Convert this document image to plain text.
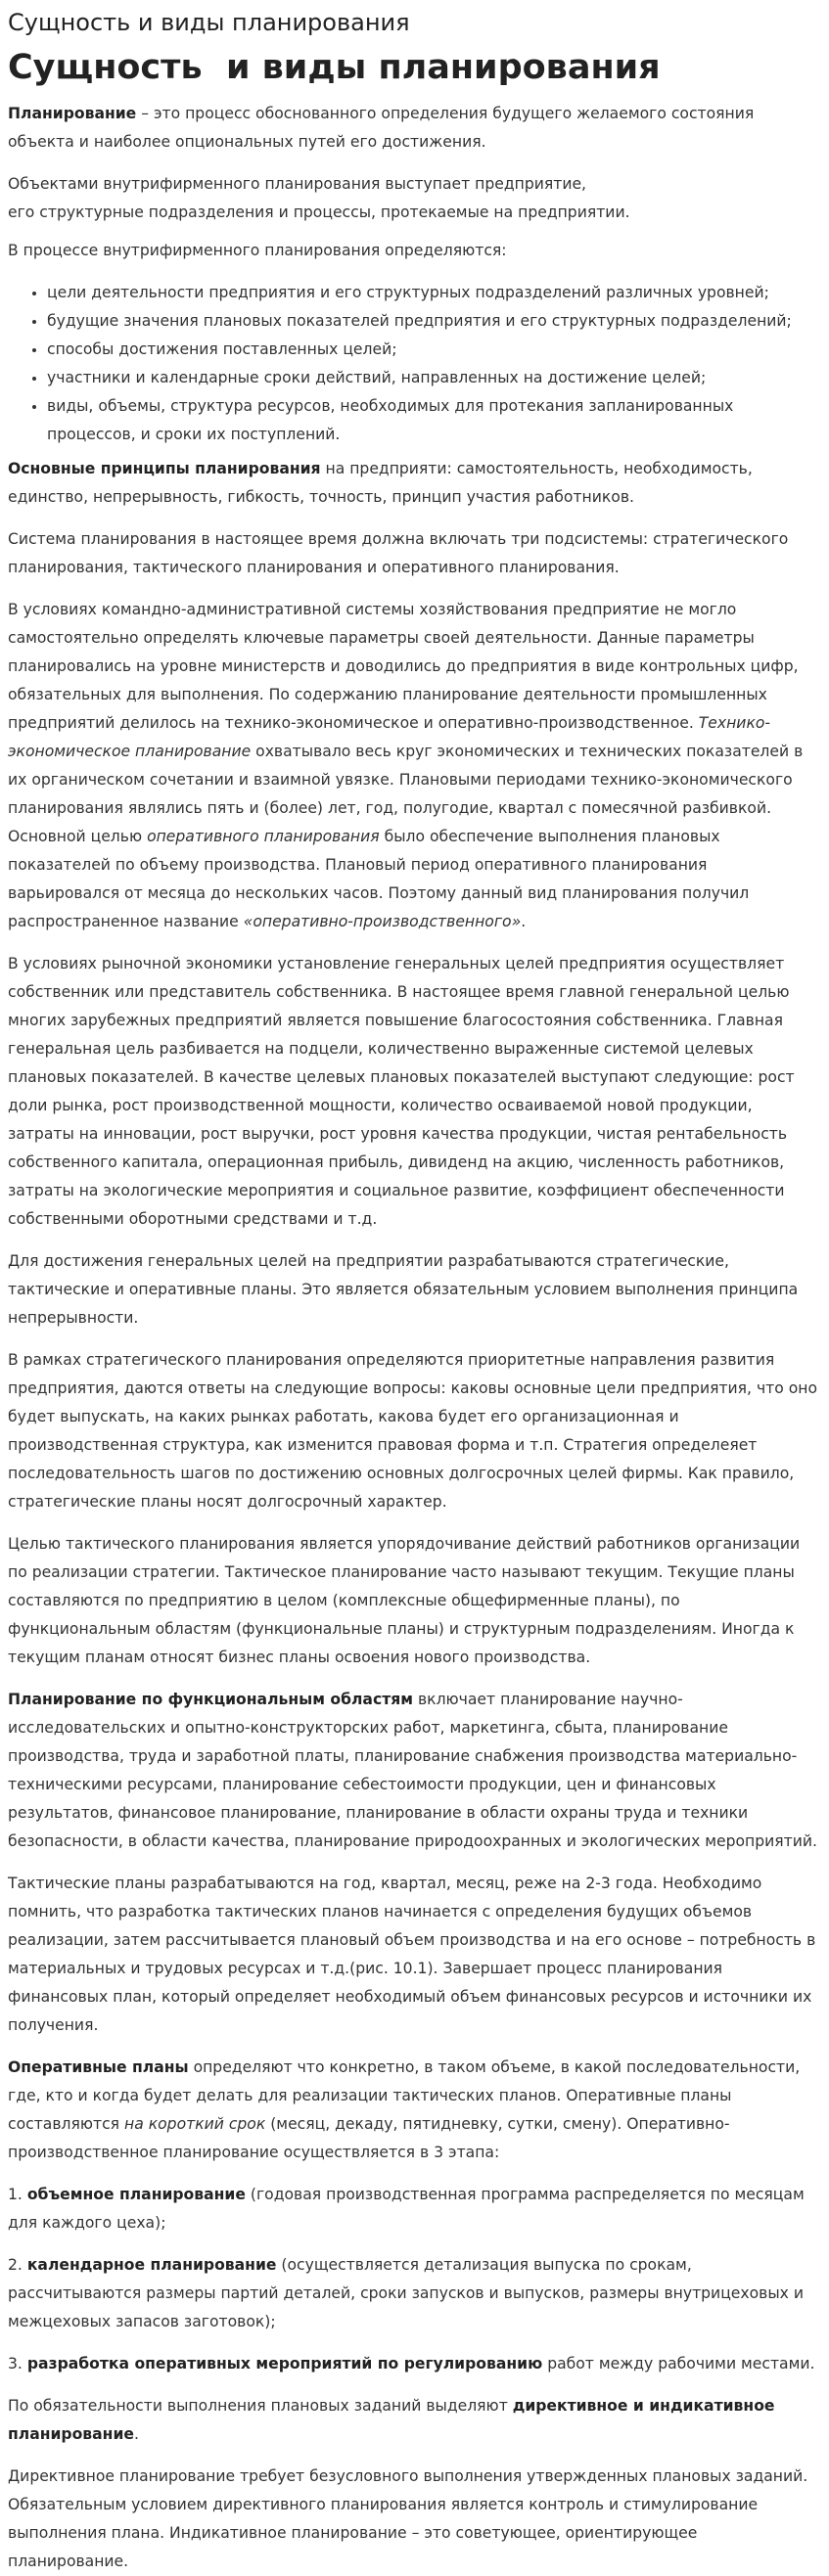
Сущность и виды планирования
Сущность  и виды планирования

Планирование – это процесс обоснованного определения будущего желаемого состояния объекта и наиболее опциональных путей его достижения.

Объектами внутрифирменного планирования выступает предприятие,
его структурные подразделения и процессы, протекаемые на предприятии.

В процессе внутрифирменного планирования определяются:

• цели деятельности предприятия и его структурных подразделений различных уровней;
• будущие значения плановых показателей предприятия и его структурных подразделений;
• способы достижения поставленных целей;
• участники и календарные сроки действий, направленных на достижение целей;
• виды, объемы, структура ресурсов, необходимых для протекания запланированных процессов, и сроки их поступлений.

Основные принципы планирования на предприяти: самостоятельность, необходимость, единство, непрерывность, гибкость, точность, принцип участия работников.

Система планирования в настоящее время должна включать три подсистемы: стратегического планирования, тактического планирования и оперативного планирования.

В условиях командно-административной системы хозяйствования предприятие не могло самостоятельно определять ключевые параметры своей деятельности. Данные параметры планировались на уровне министерств и доводились до предприятия в виде контрольных цифр, обязательных для выполнения. По содержанию планирование деятельности промышленных предприятий делилось на технико-экономическое и оперативно-производственное. Технико-экономическое планирование охватывало весь круг экономических и технических показателей в их органическом сочетании и взаимной увязке. Плановыми периодами технико-экономического планирования являлись пять и (более) лет, год, полугодие, квартал с помесячной разбивкой. Основной целью оперативного планирования было обеспечение выполнения плановых показателей по объему производства. Плановый период оперативного планирования варьировался от месяца до нескольких часов. Поэтому данный вид планирования получил распространенное название «оперативно-производственного».

В условиях рыночной экономики установление генеральных целей предприятия осуществляет собственник или представитель собственника. В настоящее время главной генеральной целью многих зарубежных предприятий является повышение благосостояния собственника. Главная генеральная цель разбивается на подцели, количественно выраженные системой целевых плановых показателей. В качестве целевых плановых показателей выступают следующие: рост доли рынка, рост производственной мощности, количество осваиваемой новой продукции, затраты на инновации, рост выручки, рост уровня качества продукции, чистая рентабельность собственного капитала, операционная прибыль, дивиденд на акцию, численность работников, затраты на экологические мероприятия и социальное развитие, коэффициент обеспеченности собственными оборотными средствами и т.д.

Для достижения генеральных целей на предприятии разрабатываются стратегические, тактические и оперативные планы. Это является обязательным условием выполнения принципа непрерывности.

В рамках стратегического планирования определяются приоритетные направления развития предприятия, даются ответы на следующие вопросы: каковы основные цели предприятия, что оно будет выпускать, на каких рынках работать, какова будет его организационная и производственная структура, как изменится правовая форма и т.п. Стратегия определеяет последовательность шагов по достижению основных долгосрочных целей фирмы. Как правило, стратегические планы носят долгосрочный характер.

Целью тактического планирования является упорядочивание действий работников организации по реализации стратегии. Тактическое планирование часто называют текущим. Текущие планы составляются по предприятию в целом (комплексные общефирменные планы), по функциональным областям (функциональные планы) и структурным подразделениям. Иногда к текущим планам относят бизнес планы освоения нового производства.

Планирование по функциональным областям включает планирование научно-исследовательских и опытно-конструкторских работ, маркетинга, сбыта, планирование производства, труда и заработной платы, планирование снабжения производства материально-техническими ресурсами, планирование себестоимости продукции, цен и финансовых результатов, финансовое планирование, планирование в области охраны труда и техники безопасности, в области качества, планирование природоохранных и экологических мероприятий.

Тактические планы разрабатываются на год, квартал, месяц, реже на 2-3 года. Необходимо помнить, что разработка тактических планов начинается с определения будущих объемов реализации, затем рассчитывается плановый объем производства и на его основе – потребность в материальных и трудовых ресурсах и т.д.(рис. 10.1). Завершает процесс планирования финансовых план, который определяет необходимый объем финансовых ресурсов и источники их получения.

Оперативные планы определяют что конкретно, в таком объеме, в какой последовательности, где, кто и когда будет делать для реализации тактических планов. Оперативные планы составляются на короткий срок (месяц, декаду, пятидневку, сутки, смену). Оперативно-производственное планирование осуществляется в 3 этапа:

1. объемное планирование (годовая производственная программа распределяется по месяцам для каждого цеха);

2. календарное планирование (осуществляется детализация выпуска по срокам, рассчитываются размеры партий деталей, сроки запусков и выпусков, размеры внутрицеховых и межцеховых запасов заготовок);

3. разработка оперативных мероприятий по регулированию работ между рабочими местами.

По обязательности выполнения плановых заданий выделяют директивное и индикативное планирование.

Директивное планирование требует безусловного выполнения утвержденных плановых заданий. Обязательным условием директивного планирования является контроль и стимулирование выполнения плана. Индикативное планирование – это советующее, ориентирующее планирование.
